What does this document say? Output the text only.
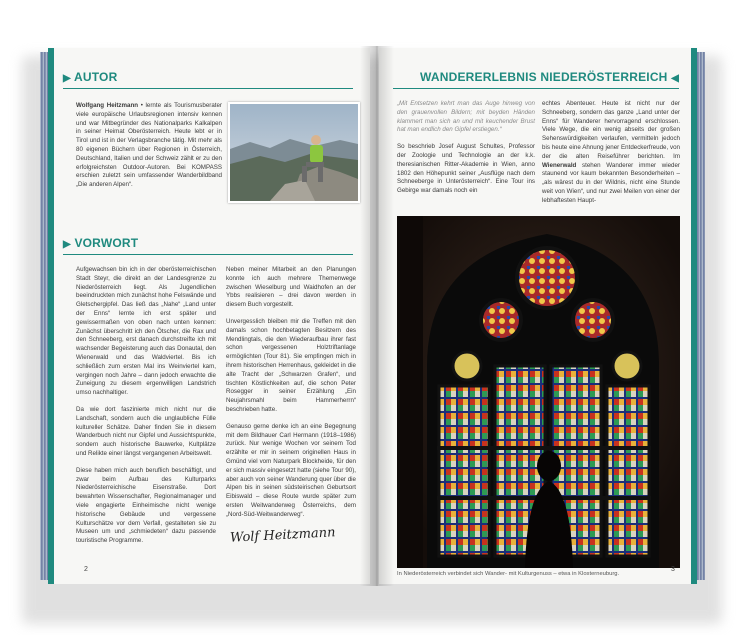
▶ AUTOR
Wolfgang Heitzmann • lernte als Tourismusberater viele europäische Urlaubsregionen intensiv kennen und war Mitbegründer des Nationalparks Kalkalpen in seiner Heimat Oberösterreich. Heute lebt er in Tirol und ist in der Verlagsbranche tätig. Mit mehr als 80 eigenen Büchern über Regionen in Österreich, Deutschland, Italien und der Schweiz zählt er zu den erfolgreichsten Outdoor-Autoren. Bei KOMPASS erschien zuletzt sein umfassender Wanderbildband „Die anderen Alpen“.
▶ VORWORT

Aufgewachsen bin ich in der oberösterreichischen Stadt Steyr, die direkt an der Landesgrenze zu Niederösterreich liegt. Als Jugendlichen beeindruckten mich zunächst hohe Felswände und Gletschergipfel. Das ließ das „Nahe“ „Land unter der Enns“ lernte ich erst später und gewissermaßen von oben nach unten kennen: Zunächst überschritt ich den Ötscher, die Rax und den Schneeberg, erst danach durchstreifte ich mit wachsender Begeisterung auch das Donautal, den Wienerwald und das Waldviertel. Bis ich schließlich zum ersten Mal ins Weinviertel kam, vergingen noch Jahre – dann jedoch erwachte die Zuneigung zu diesem ergenwilligen Landstrich umso nachhaltiger.

Da wie dort faszinierte mich nicht nur die Landschaft, sondern auch die unglaubliche Fülle kultureller Schätze. Daher finden Sie in diesem Wanderbuch nicht nur Gipfel und Aussichtspunkte, sondern auch historische Bauwerke, Kultplätze und Relikte einer längst vergangenen Arbeitswelt.

Diese haben mich auch beruflich beschäftigt, und zwar beim Aufbau des Kulturparks Niederösterreichische Eisenstraße. Dort bewahrten Wissenschafter, Regionalmanager und viele engagierte Einheimische nicht wenige historische Gebäude und vergessene Kulturschätze vor dem Verfall, gestalteten sie zu Museen um und „schmiedeten“ dazu passende touristische Programme.

Neben meiner Mitarbeit an den Planungen konnte ich auch mehrere Themenwege zwischen Wieselburg und Waidhofen an der Ybbs realisieren – drei davon werden in diesem Buch vorgestellt.

Unvergesslich bleiben mir die Treffen mit den damals schon hochbetagten Besitzern des Mendlingtals, die den Wiederaufbau ihrer fast schon vergessenen Holztriftanlage ermöglichten (Tour 81). Sie empfingen mich in ihrem historischen Herrenhaus, gekleidet in die alte Tracht der „Schwarzen Grafen“, und tischten Köstlichkeiten auf, die schon Peter Rosegger in seiner Erzählung „Ein Neujahrsmahl beim Hammerherrn“ beschrieben hatte.

Genauso gerne denke ich an eine Begegnung mit dem Bildhauer Carl Hermann (1918–1986) zurück. Nur wenige Wochen vor seinem Tod erzählte er mir in seinem originellen Haus in Gmünd viel vom Naturpark Blockheide, für den er sich massiv eingesetzt hatte (siehe Tour 90), aber auch von seiner Wanderung quer über die Alpen bis in seinen südsteirischen Geburtsort Eibiswald – diese Route wurde später zum ersten Weitwanderweg Österreichs, dem „Nord-Süd-Weitwanderweg“.

Wolf Heitzmann
2
WANDERERLEBNIS NIEDERÖSTERREICH ◀

„Mit Entsetzen kehrt man das Auge hinweg von den grauenvollen Bildern; mit beyden Händen klammert man sich an und mit keuchender Brust hat man endlich den Gipfel erstiegen.“

So beschrieb Josef August Schultes, Professor der Zoologie und Technologie an der k.k. theresianischen Ritter-Akademie in Wien, anno 1802 den Höhepunkt seiner „Ausflüge nach dem Schneeberge in Unterösterreich“. Eine Tour ins Gebirge war damals noch ein

echtes Abenteuer. Heute ist nicht nur der Schneeberg, sondern das ganze „Land unter der Enns“ für Wanderer hervorragend erschlossen. Viele Wege, die ein wenig abseits der großen Sehenswürdigkeiten verlaufen, vermitteln jedoch bis heute eine Ahnung jener Entdeckerfreude, von der die alten Reiseführer berichten. Im Wienerwald stehen Wanderer immer wieder staunend vor kaum bekannten Besonderheiten – „als wärest du in der Wildnis, nicht eine Stunde weit von Wien“, und nur zwei Meilen von einer der lebhaftesten Haupt-
In Niederösterreich verbindet sich Wander- mit Kulturgenuss – etwa in Klosterneuburg.
3
